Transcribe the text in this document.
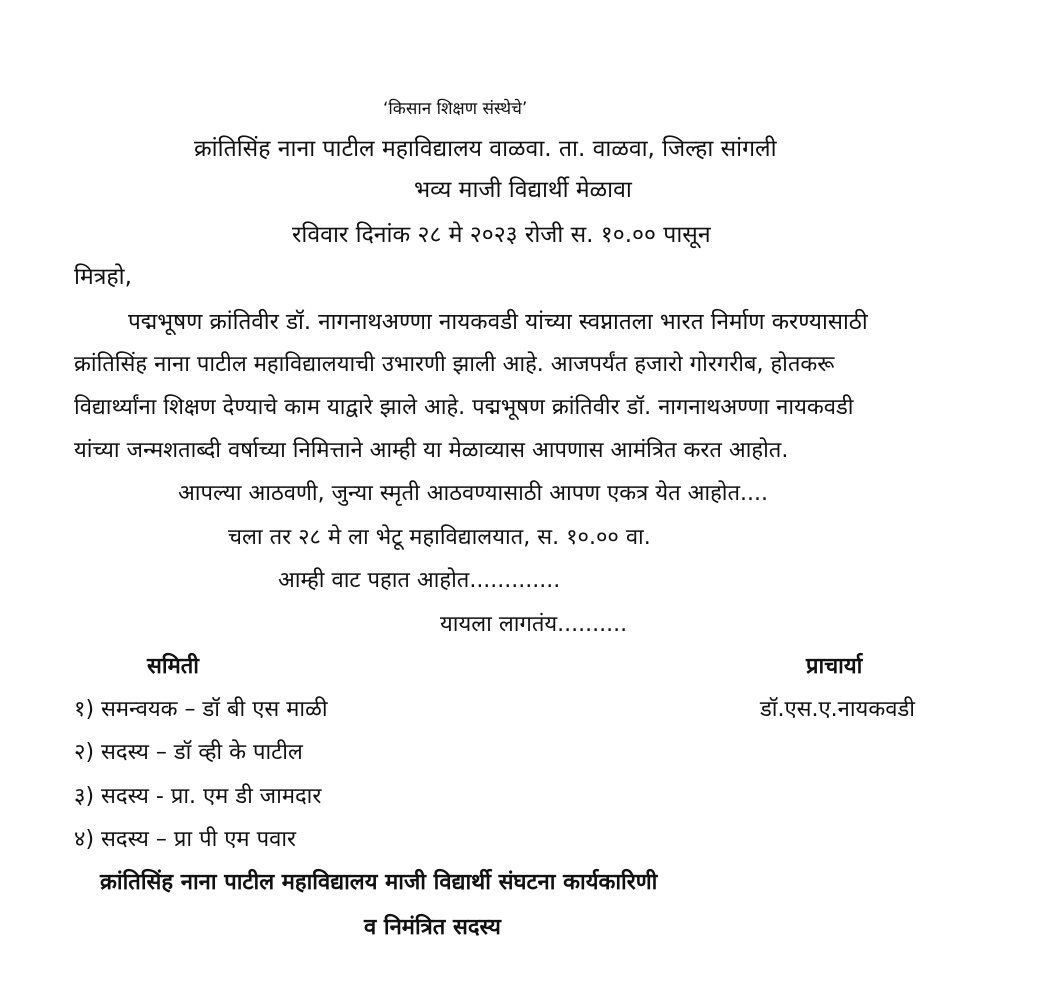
‘किसान शिक्षण संस्थेचे’
क्रांतिसिंह नाना पाटील महाविद्यालय वाळवा. ता. वाळवा, जिल्हा सांगली
भव्य माजी विद्यार्थी मेळावा
रविवार दिनांक २८ मे २०२३ रोजी स. १०.०० पासून
मित्रहो,
पद्मभूषण क्रांतिवीर डॉ. नागनाथअण्णा नायकवडी यांच्या स्वप्नातला भारत निर्माण करण्यासाठी
क्रांतिसिंह नाना पाटील महाविद्यालयाची उभारणी झाली आहे. आजपर्यंत हजारो गोरगरीब, होतकरू
विद्यार्थ्यांना शिक्षण देण्याचे काम याद्वारे झाले आहे. पद्मभूषण क्रांतिवीर डॉ. नागनाथअण्णा नायकवडी
यांच्या जन्मशताब्दी वर्षाच्या निमित्ताने आम्ही या मेळाव्यास आपणास आमंत्रित करत आहोत.
आपल्या आठवणी, जुन्या स्मृती आठवण्यासाठी आपण एकत्र येत आहोत....
चला तर २८ मे ला भेटू महाविद्यालयात, स. १०.०० वा.
आम्ही वाट पहात आहोत.............
यायला लागतंय..........
समिती	प्राचार्या
१) समन्वयक – डॉ बी एस माळी	डॉ.एस.ए.नायकवडी
२) सदस्य – डॉ व्ही के पाटील
३) सदस्य - प्रा. एम डी जामदार
४) सदस्य – प्रा पी एम पवार
क्रांतिसिंह नाना पाटील महाविद्यालय माजी विद्यार्थी संघटना कार्यकारिणी
व निमंत्रित सदस्य
